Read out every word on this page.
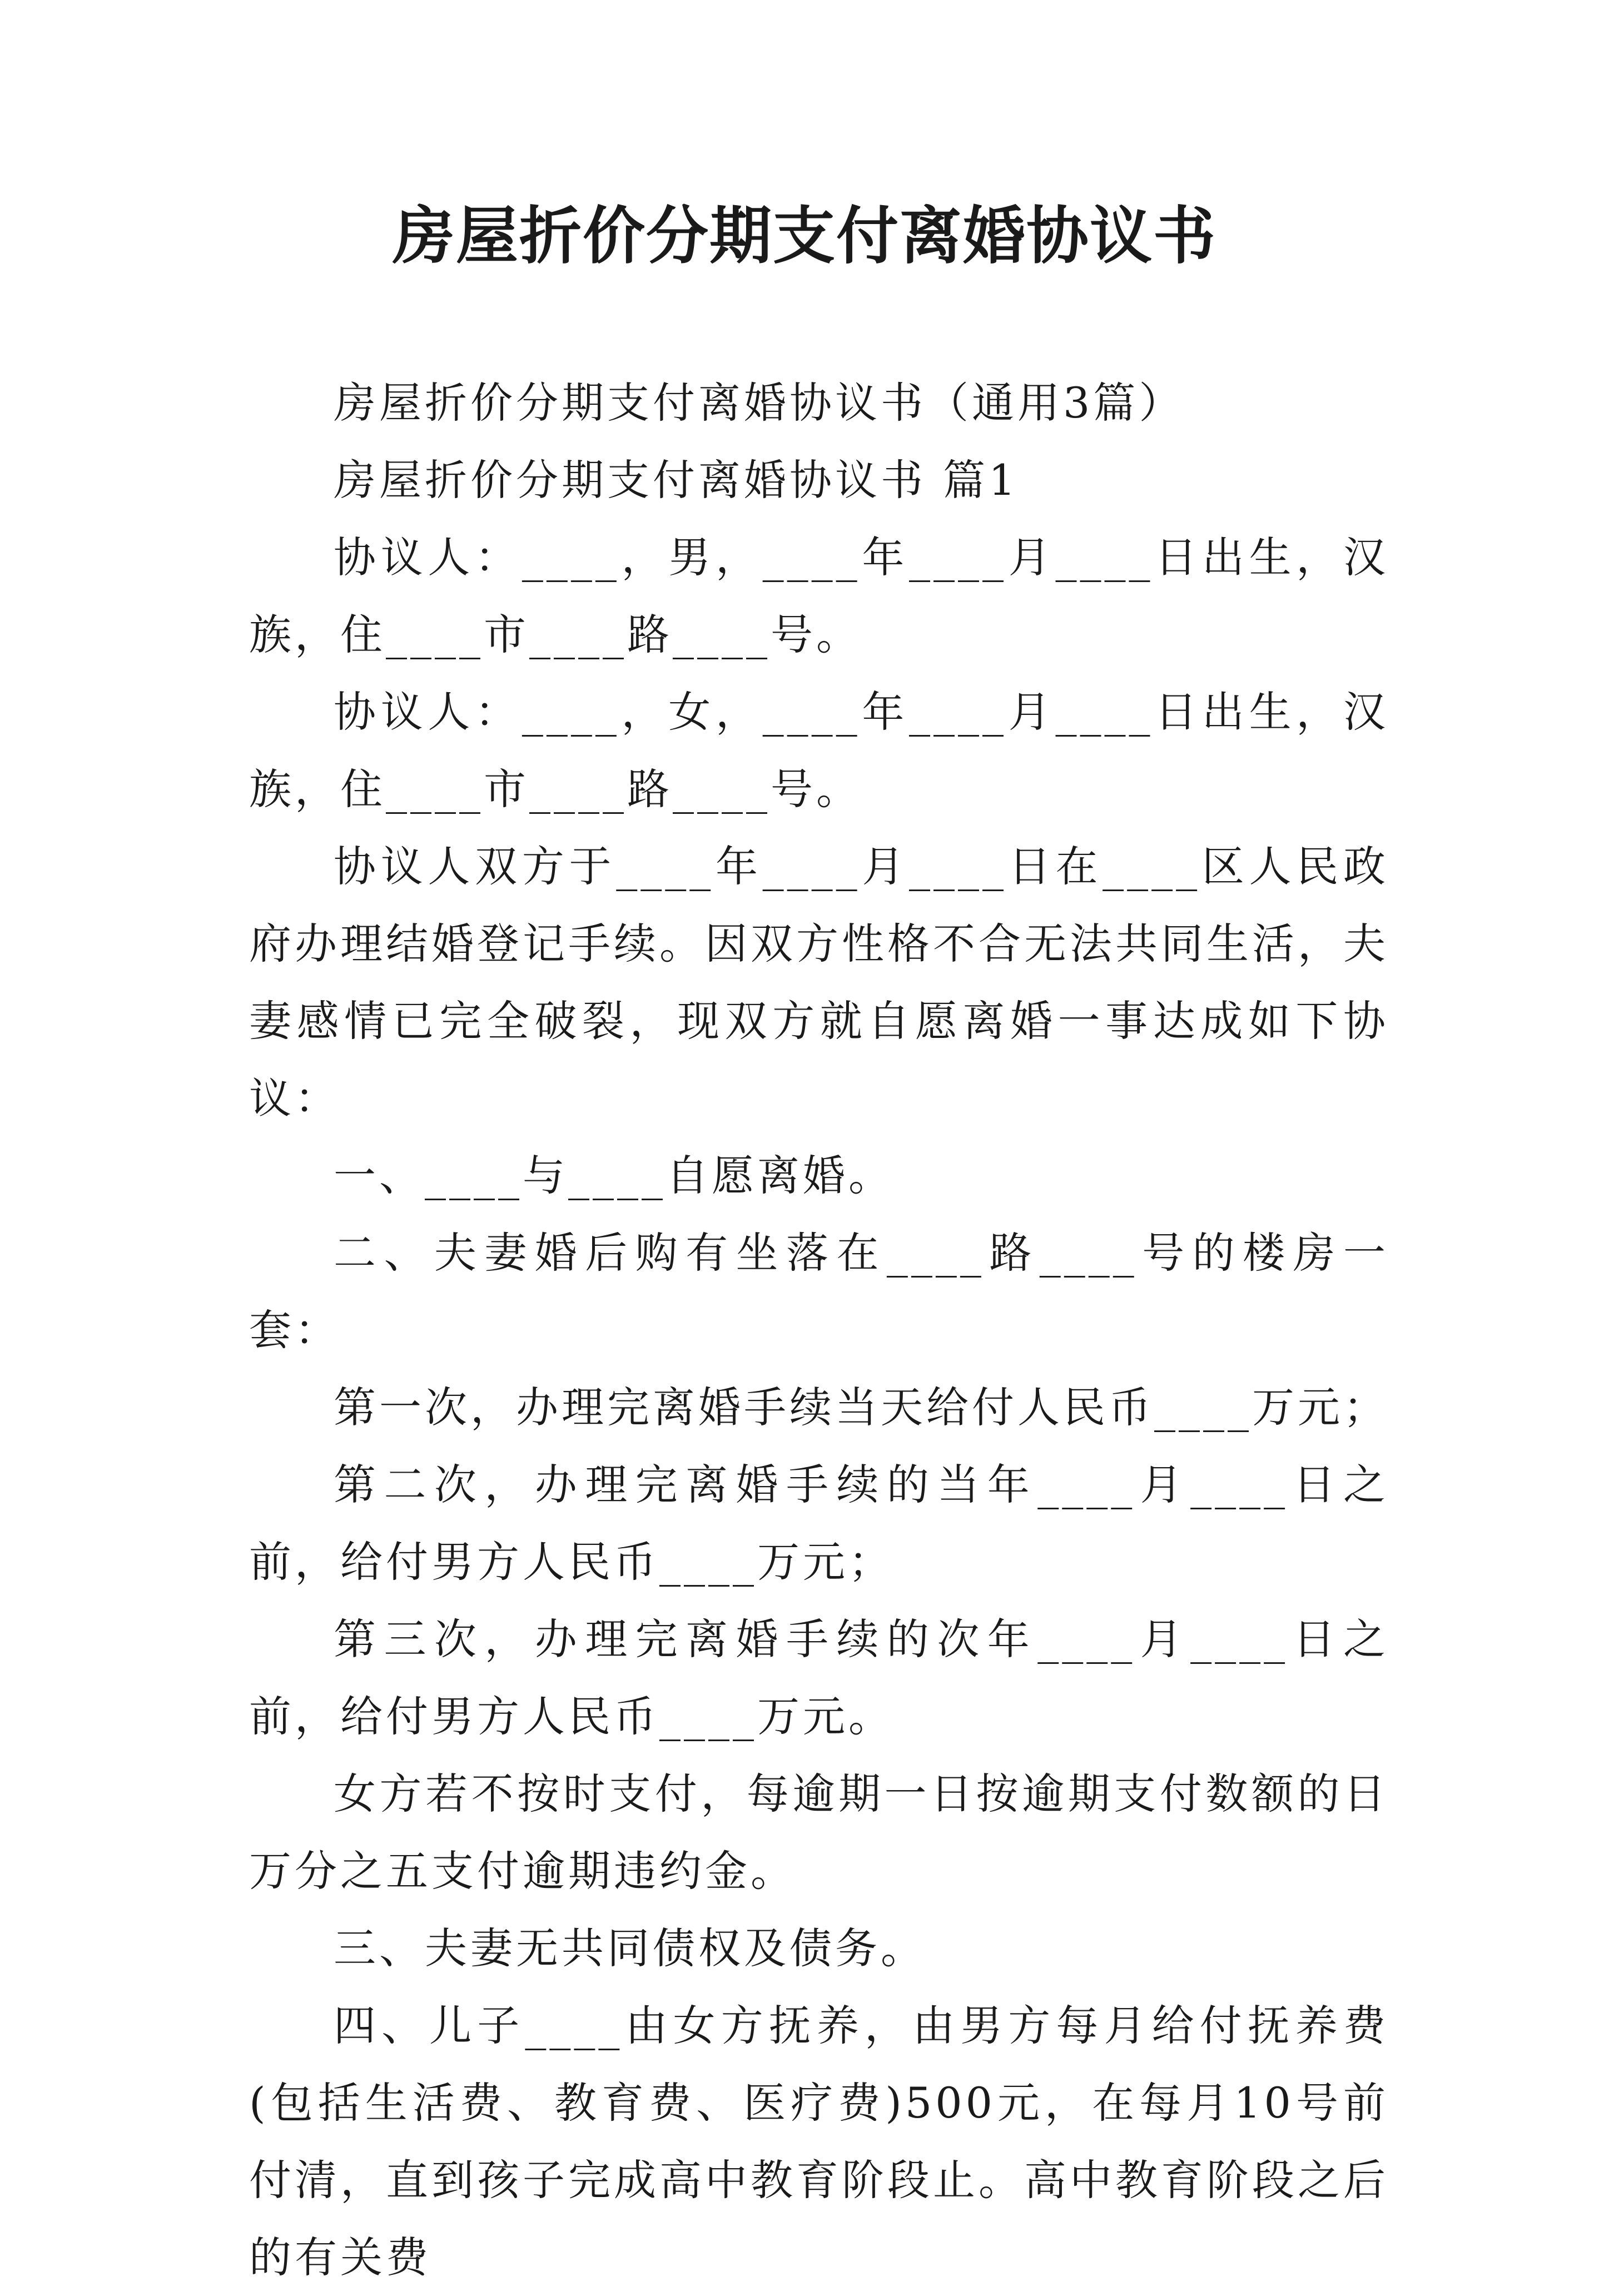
房屋折价分期支付离婚协议书

房屋折价分期支付离婚协议书（通用3篇）

房屋折价分期支付离婚协议书 篇1

协议人：____，男，____年____月____日出生，汉族，住____市____路____号。

协议人：____，女，____年____月____日出生，汉族，住____市____路____号。

协议人双方于____年____月____日在____区人民政府办理结婚登记手续。因双方性格不合无法共同生活，夫妻感情已完全破裂，现双方就自愿离婚一事达成如下协议：

一、____与____自愿离婚。

二、夫妻婚后购有坐落在____路____号的楼房一套：

第一次，办理完离婚手续当天给付人民币____万元；

第二次，办理完离婚手续的当年____月____日之前，给付男方人民币____万元；

第三次，办理完离婚手续的次年____月____日之前，给付男方人民币____万元。

女方若不按时支付，每逾期一日按逾期支付数额的日万分之五支付逾期违约金。

三、夫妻无共同债权及债务。

四、儿子____由女方抚养，由男方每月给付抚养费(包括生活费、教育费、医疗费)500元，在每月10号前付清，直到孩子完成高中教育阶段止。高中教育阶段之后的有关费
